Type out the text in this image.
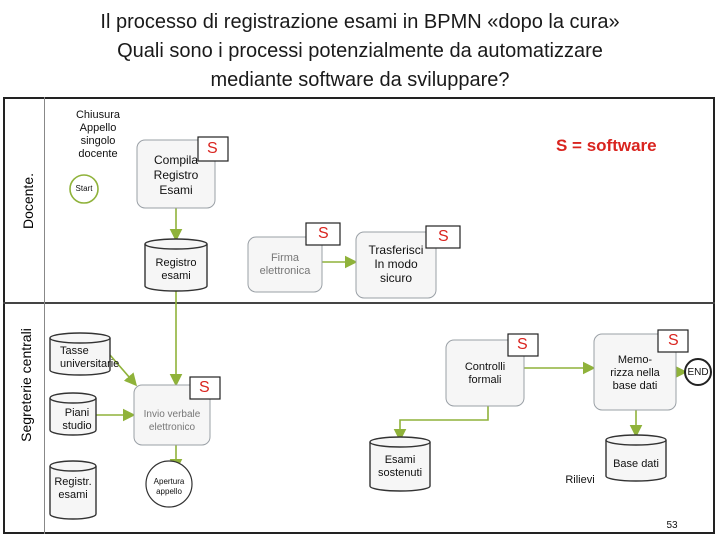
Il processo di registrazione esami in BPMN «dopo la cura»
Quali sono i processi potenzialmente da automatizzare
mediante software da sviluppare?
Docente.
Segreterie centrali
S = software
S
S	S
S
S	S
Chiusura
Appello
singolo
docente
Start
Compila
Registro
Esami
Registro
esami
Firma
elettronica
Trasferisci
In modo
sicuro
Tasse
universitarie
Piani
studio
Registr.
esami
Invio verbale
elettronico
Apertura
appello
Controlli
formali
Esami
sostenuti
Memo-
rizza nella
base dati
END
Base dati
Rilievi
53
